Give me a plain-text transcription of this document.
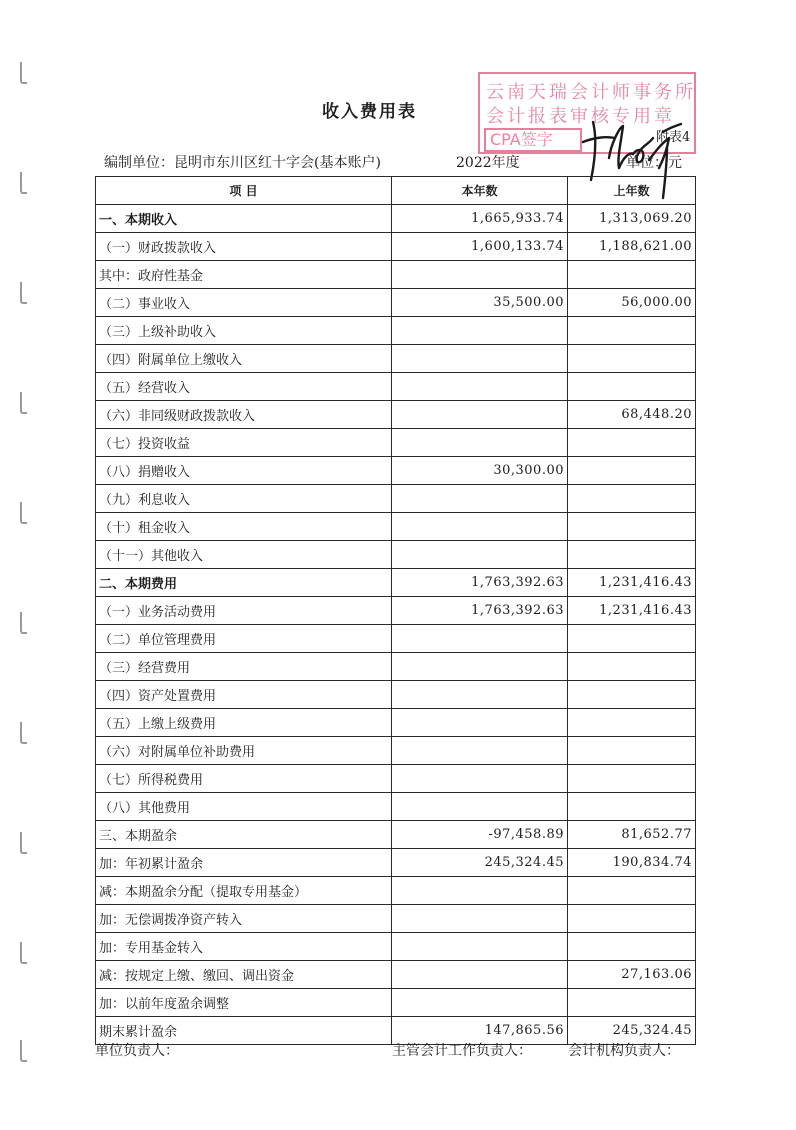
收入费用表
编制单位：昆明市东川区红十字会(基本账户)	2022年度
附表4
单位：元
云南天瑞会计师事务所
会计报表审核专用章
CPA签字
项 目	本年数	上年数
一、本期收入	1,665,933.74	1,313,069.20
（一）财政拨款收入	1,600,133.74	1,188,621.00
其中：政府性基金		
（二）事业收入	35,500.00	56,000.00
（三）上级补助收入		
（四）附属单位上缴收入		
（五）经营收入		
（六）非同级财政拨款收入		68,448.20
（七）投资收益		
（八）捐赠收入	30,300.00	
（九）利息收入		
（十）租金收入		
（十一）其他收入		
二、本期费用	1,763,392.63	1,231,416.43
（一）业务活动费用	1,763,392.63	1,231,416.43
（二）单位管理费用		
（三）经营费用		
（四）资产处置费用		
（五）上缴上级费用		
（六）对附属单位补助费用		
（七）所得税费用		
（八）其他费用		
三、本期盈余	-97,458.89	81,652.77
加：年初累计盈余	245,324.45	190,834.74
减：本期盈余分配（提取专用基金）		
加：无偿调拨净资产转入		
加：专用基金转入		
减：按规定上缴、缴回、调出资金		27,163.06
加：以前年度盈余调整		
期末累计盈余	147,865.56	245,324.45
单位负责人：	主管会计工作负责人：	会计机构负责人：
